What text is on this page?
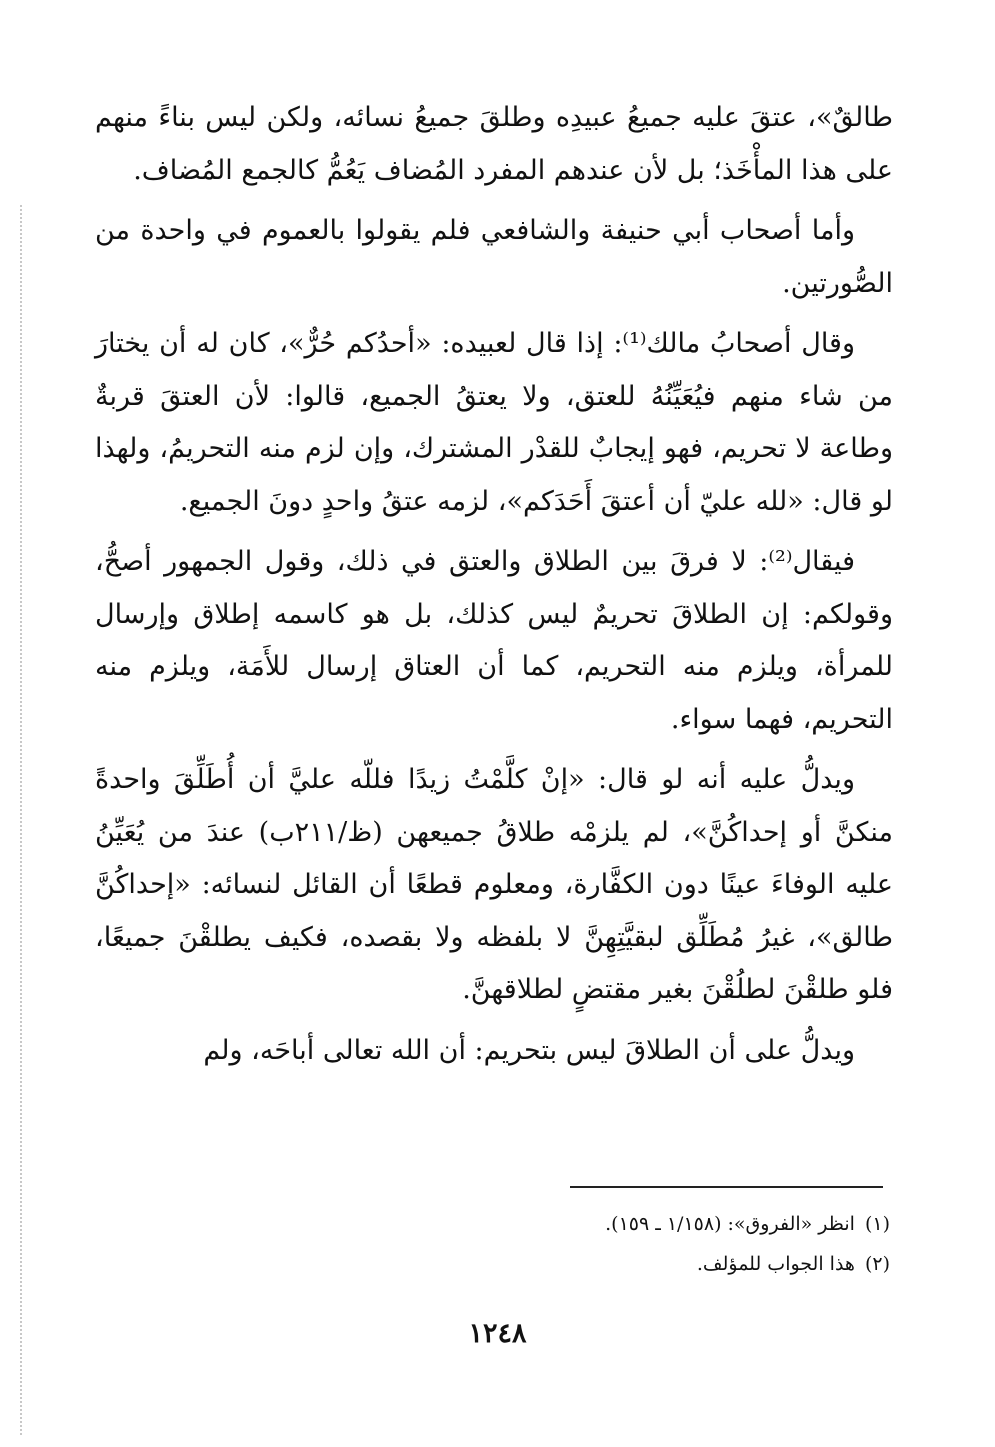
طالقٌ»، عتقَ عليه جميعُ عبيدِه وطلقَ جميعُ نسائه، ولكن ليس بناءً منهم على هذا المأْخَذ؛ بل لأن عندهم المفرد المُضاف يَعُمُّ كالجمع المُضاف.

وأما أصحاب أبي حنيفة والشافعي فلم يقولوا بالعموم في واحدة من الصُّورتين.

وقال أصحابُ مالك⁽¹⁾: إذا قال لعبيده: «أحدُكم حُرٌّ»، كان له أن يختارَ من شاء منهم فيُعَيِّنُهُ للعتق، ولا يعتقُ الجميع، قالوا: لأن العتقَ قربةٌ وطاعة لا تحريم، فهو إيجابٌ للقدْر المشترك، وإن لزم منه التحريمُ، ولهذا لو قال: «لله عليّ أن أعتقَ أَحَدَكم»، لزمه عتقُ واحدٍ دونَ الجميع.

فيقال⁽²⁾: لا فرقَ بين الطلاق والعتق في ذلك، وقول الجمهور أصحُّ، وقولكم: إن الطلاقَ تحريمٌ ليس كذلك، بل هو كاسمه إطلاق وإرسال للمرأة، ويلزم منه التحريم، كما أن العتاق إرسال للأَمَة، ويلزم منه التحريم، فهما سواء.

ويدلُّ عليه أنه لو قال: «إنْ كلَّمْتُ زيدًا فللّه عليَّ أن أُطَلِّقَ واحدةً منكنَّ أو إحداكُنَّ»، لم يلزمْه طلاقُ جميعهن (ظ/٢١١ب) عندَ من يُعَيِّنُ عليه الوفاءَ عينًا دون الكفَّارة، ومعلوم قطعًا أن القائل لنسائه: «إحداكُنَّ طالق»، غيرُ مُطَلِّق لبقيَّتِهِنَّ لا بلفظه ولا بقصده، فكيف يطلقْنَ جميعًا، فلو طلقْنَ لطلُقْنَ بغير مقتضٍ لطلاقهنَّ.

ويدلُّ على أن الطلاقَ ليس بتحريم: أن الله تعالى أباحَه، ولم

(١)انظر «الفروق»: (١/١٥٨ ـ ١٥٩).
(٢)هذا الجواب للمؤلف.
١٢٤٨
